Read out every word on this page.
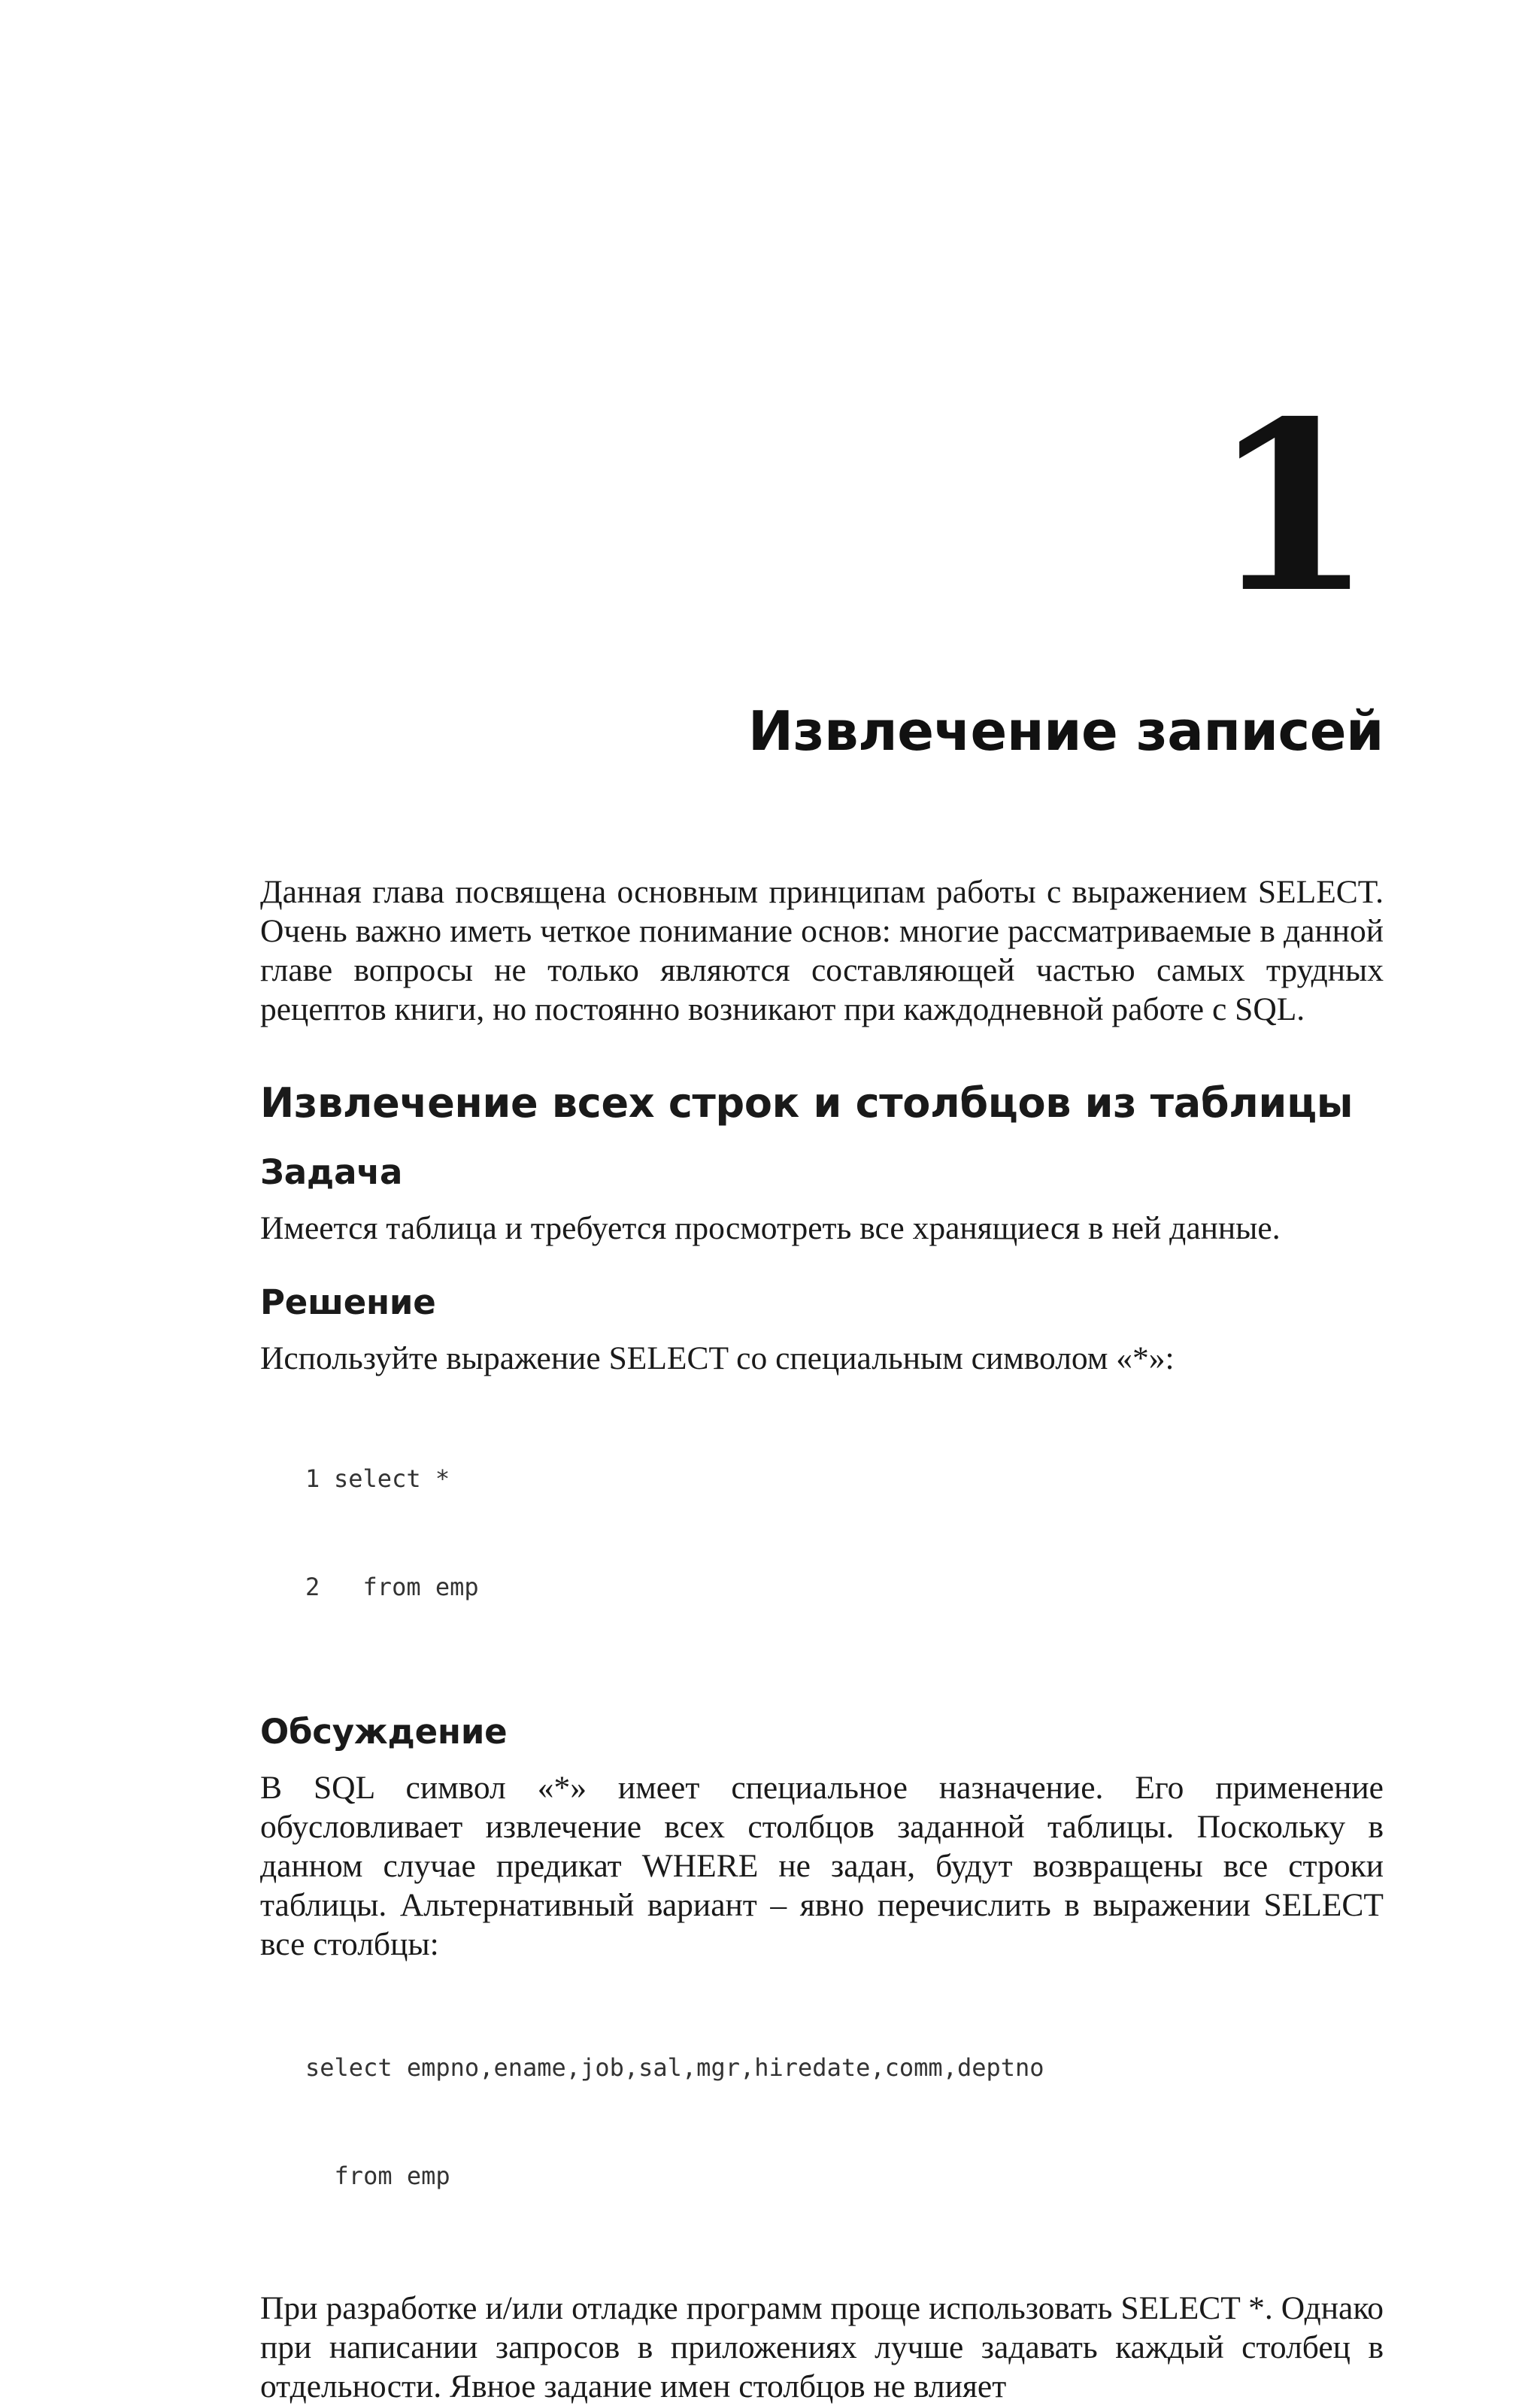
1
Извлечение записей

Данная глава посвящена основным принципам работы с выражением SELECT. Очень важно иметь четкое понимание основ: многие рассматриваемые в данной главе вопросы не только являются составляющей частью самых трудных рецептов книги, но постоянно возникают при каждодневной работе с SQL.

Извлечение всех строк и столбцов из таблицы
Задача

Имеется таблица и требуется просмотреть все хранящиеся в ней данные.

Решение

Используйте выражение SELECT со специальным символом «*»:

1 select *

2  from emp

Обсуждение

В SQL символ «*» имеет специальное назначение. Его применение обусловливает извлечение всех столбцов заданной таблицы. Поскольку в данном случае предикат WHERE не задан, будут возвращены все строки таблицы. Альтернативный вариант – явно перечислить в выражении SELECT все столбцы:

select empno,ename,job,sal,mgr,hiredate,comm,deptno

from emp

При разработке и/или отладке программ проще использовать SELECT *. Однако при написании запросов в приложениях лучше задавать каждый столбец в отдельности. Явное задание имен столбцов не влияет
